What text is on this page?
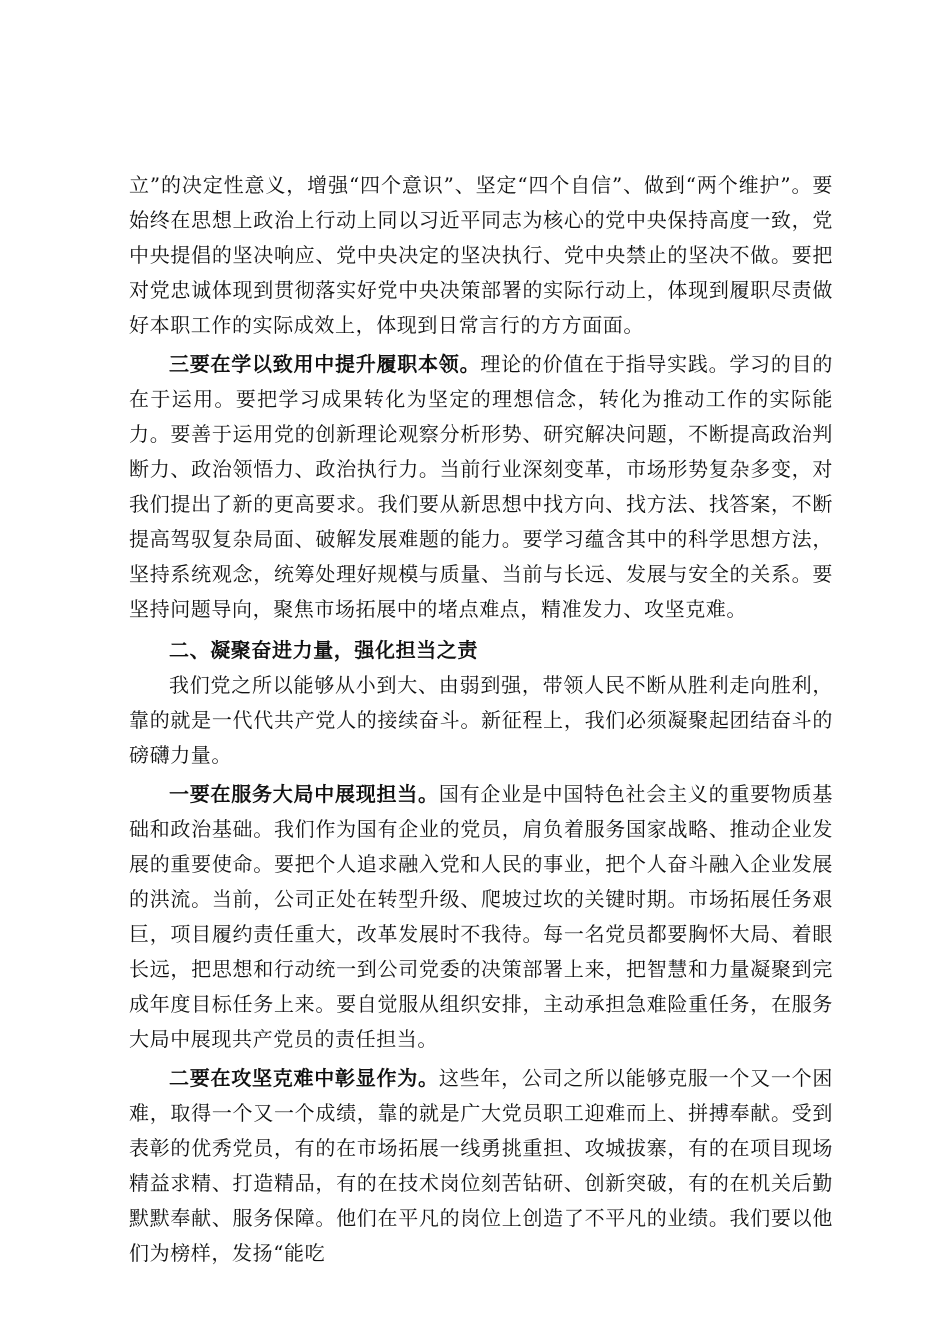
立”的决定性意义，增强“四个意识”、坚定“四个自信”、做到“两个维护”。要始终在思想上政治上行动上同以习近平同志为核心的党中央保持高度一致，党中央提倡的坚决响应、党中央决定的坚决执行、党中央禁止的坚决不做。要把对党忠诚体现到贯彻落实好党中央决策部署的实际行动上，体现到履职尽责做好本职工作的实际成效上，体现到日常言行的方方面面。

三要在学以致用中提升履职本领。理论的价值在于指导实践。学习的目的在于运用。要把学习成果转化为坚定的理想信念，转化为推动工作的实际能力。要善于运用党的创新理论观察分析形势、研究解决问题，不断提高政治判断力、政治领悟力、政治执行力。当前行业深刻变革，市场形势复杂多变，对我们提出了新的更高要求。我们要从新思想中找方向、找方法、找答案，不断提高驾驭复杂局面、破解发展难题的能力。要学习蕴含其中的科学思想方法，坚持系统观念，统筹处理好规模与质量、当前与长远、发展与安全的关系。要坚持问题导向，聚焦市场拓展中的堵点难点，精准发力、攻坚克难。

二、凝聚奋进力量，强化担当之责

我们党之所以能够从小到大、由弱到强，带领人民不断从胜利走向胜利，靠的就是一代代共产党人的接续奋斗。新征程上，我们必须凝聚起团结奋斗的磅礴力量。

一要在服务大局中展现担当。国有企业是中国特色社会主义的重要物质基础和政治基础。我们作为国有企业的党员，肩负着服务国家战略、推动企业发展的重要使命。要把个人追求融入党和人民的事业，把个人奋斗融入企业发展的洪流。当前，公司正处在转型升级、爬坡过坎的关键时期。市场拓展任务艰巨，项目履约责任重大，改革发展时不我待。每一名党员都要胸怀大局、着眼长远，把思想和行动统一到公司党委的决策部署上来，把智慧和力量凝聚到完成年度目标任务上来。要自觉服从组织安排，主动承担急难险重任务，在服务大局中展现共产党员的责任担当。

二要在攻坚克难中彰显作为。这些年，公司之所以能够克服一个又一个困难，取得一个又一个成绩，靠的就是广大党员职工迎难而上、拼搏奉献。受到表彰的优秀党员，有的在市场拓展一线勇挑重担、攻城拔寨，有的在项目现场精益求精、打造精品，有的在技术岗位刻苦钻研、创新突破，有的在机关后勤默默奉献、服务保障。他们在平凡的岗位上创造了不平凡的业绩。我们要以他们为榜样，发扬“能吃
